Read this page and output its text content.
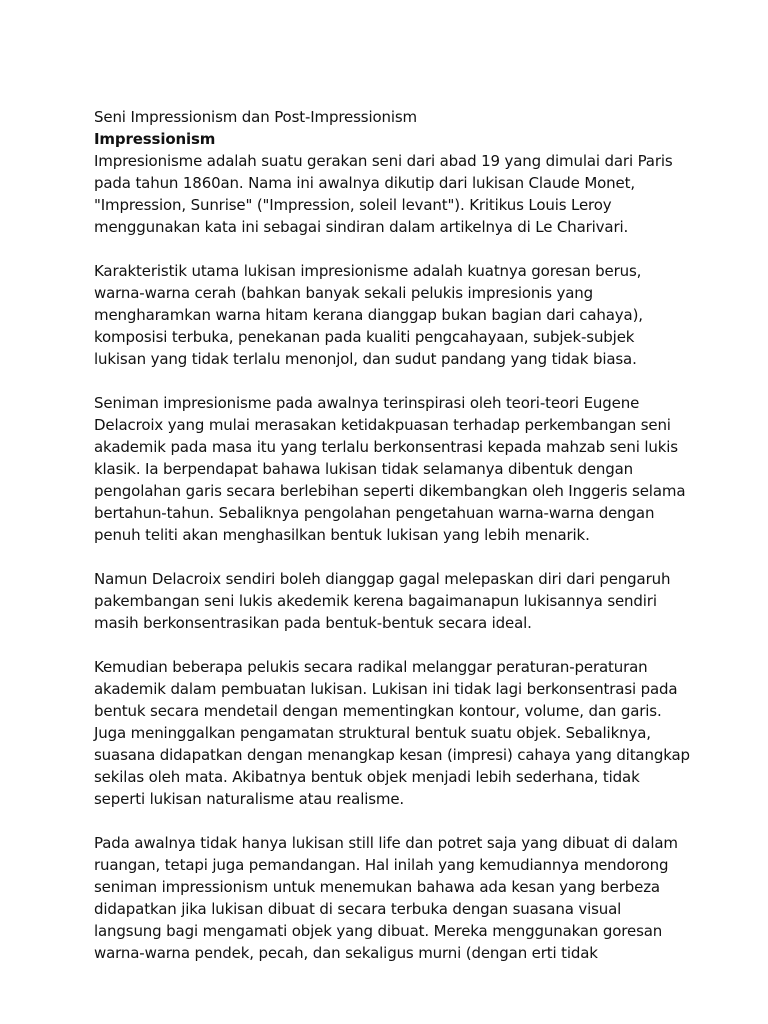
Seni Impressionism dan Post-Impressionism

Impressionism

Impresionisme adalah suatu gerakan seni dari abad 19 yang dimulai dari Paris
pada tahun 1860an. Nama ini awalnya dikutip dari lukisan Claude Monet,
"Impression, Sunrise" ("Impression, soleil levant"). Kritikus Louis Leroy
menggunakan kata ini sebagai sindiran dalam artikelnya di Le Charivari.

Karakteristik utama lukisan impresionisme adalah kuatnya goresan berus,
warna-warna cerah (bahkan banyak sekali pelukis impresionis yang
mengharamkan warna hitam kerana dianggap bukan bagian dari cahaya),
komposisi terbuka, penekanan pada kualiti pengcahayaan, subjek-subjek
lukisan yang tidak terlalu menonjol, dan sudut pandang yang tidak biasa.

Seniman impresionisme pada awalnya terinspirasi oleh teori-teori Eugene
Delacroix yang mulai merasakan ketidakpuasan terhadap perkembangan seni
akademik pada masa itu yang terlalu berkonsentrasi kepada mahzab seni lukis
klasik. Ia berpendapat bahawa lukisan tidak selamanya dibentuk dengan
pengolahan garis secara berlebihan seperti dikembangkan oleh Inggeris selama
bertahun-tahun. Sebaliknya pengolahan pengetahuan warna-warna dengan
penuh teliti akan menghasilkan bentuk lukisan yang lebih menarik.

Namun Delacroix sendiri boleh dianggap gagal melepaskan diri dari pengaruh
pakembangan seni lukis akedemik kerena bagaimanapun lukisannya sendiri
masih berkonsentrasikan pada bentuk-bentuk secara ideal.

Kemudian beberapa pelukis secara radikal melanggar peraturan-peraturan
akademik dalam pembuatan lukisan. Lukisan ini tidak lagi berkonsentrasi pada
bentuk secara mendetail dengan mementingkan kontour, volume, dan garis.
Juga meninggalkan pengamatan struktural bentuk suatu objek. Sebaliknya,
suasana didapatkan dengan menangkap kesan (impresi) cahaya yang ditangkap
sekilas oleh mata. Akibatnya bentuk objek menjadi lebih sederhana, tidak
seperti lukisan naturalisme atau realisme.

Pada awalnya tidak hanya lukisan still life dan potret saja yang dibuat di dalam
ruangan, tetapi juga pemandangan. Hal inilah yang kemudiannya mendorong
seniman impressionism untuk menemukan bahawa ada kesan yang berbeza
didapatkan jika lukisan dibuat di secara terbuka dengan suasana visual
langsung bagi mengamati objek yang dibuat. Mereka menggunakan goresan
warna-warna pendek, pecah, dan sekaligus murni (dengan erti tidak
